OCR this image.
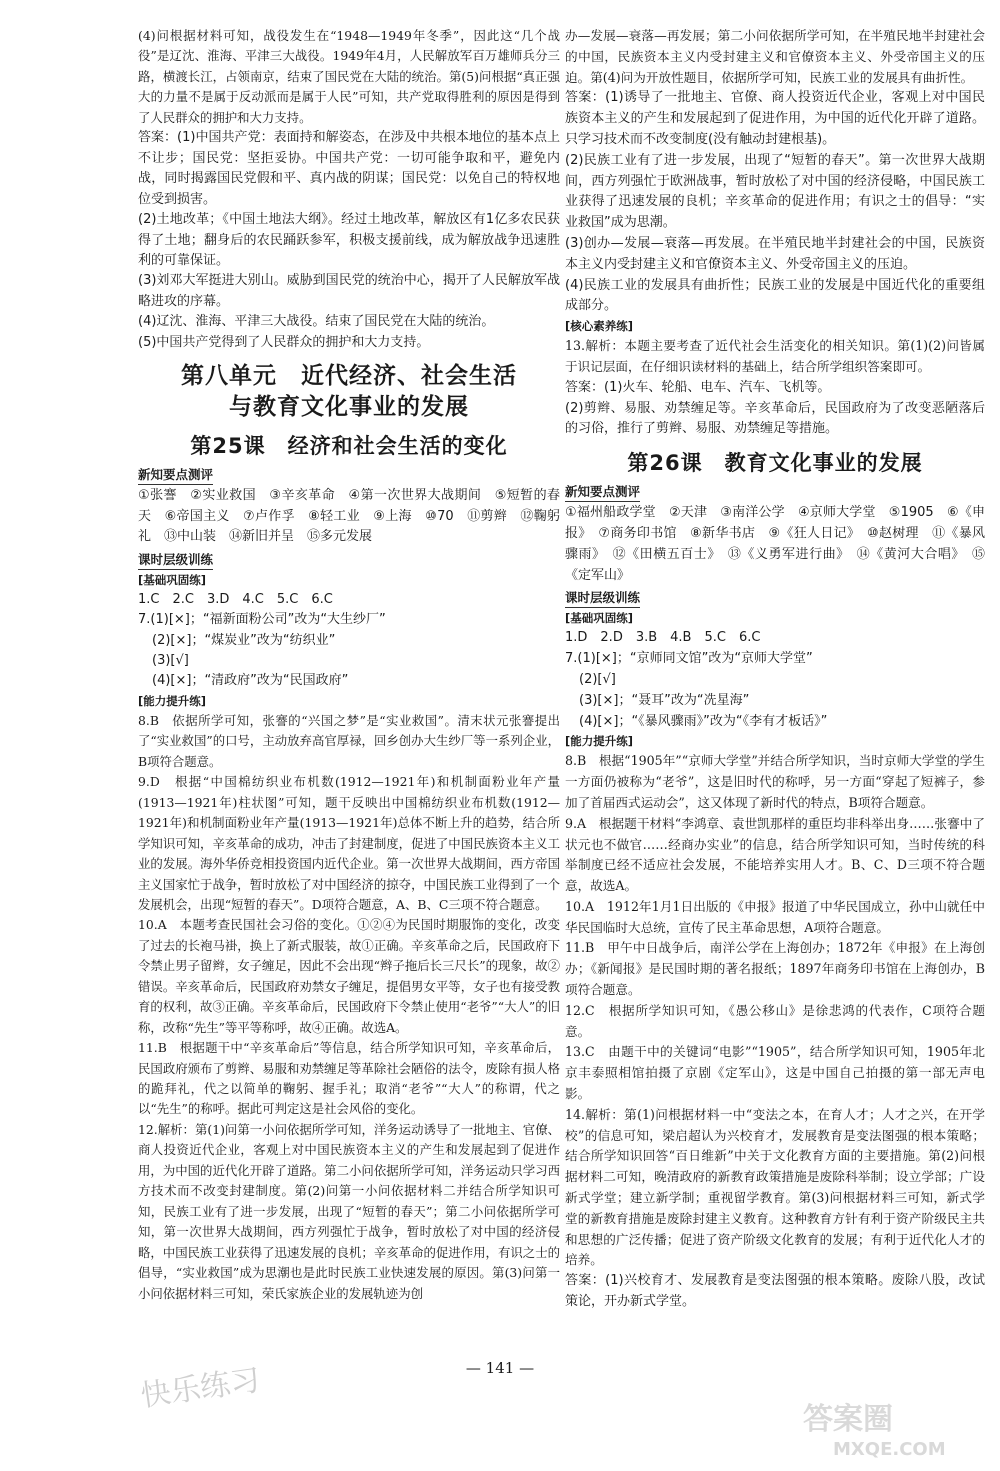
(4)问根据材料可知，战役发生在“1948—1949年冬季”，因此这“几个战役”是辽沈、淮海、平津三大战役。1949年4月，人民解放军百万雄师兵分三路，横渡长江，占领南京，结束了国民党在大陆的统治。第(5)问根据“真正强大的力量不是属于反动派而是属于人民”可知，共产党取得胜利的原因是得到了人民群众的拥护和大力支持。

答案：(1)中国共产党：表面持和解姿态，在涉及中共根本地位的基本点上不让步；国民党：坚拒妥协。中国共产党：一切可能争取和平，避免内战，同时揭露国民党假和平、真内战的阴谋；国民党：以免自己的特权地位受到损害。

(2)土地改革；《中国土地法大纲》。经过土地改革，解放区有1亿多农民获得了土地；翻身后的农民踊跃参军，积极支援前线，成为解放战争迅速胜利的可靠保证。

(3)刘邓大军挺进大别山。威胁到国民党的统治中心，揭开了人民解放军战略进攻的序幕。

(4)辽沈、淮海、平津三大战役。结束了国民党在大陆的统治。

(5)中国共产党得到了人民群众的拥护和大力支持。

第八单元　近代经济、社会生活
与教育文化事业的发展
第25课　经济和社会生活的变化
新知要点测评

①张謇　②实业救国　③辛亥革命　④第一次世界大战期间　⑤短暂的春天　⑥帝国主义　⑦卢作孚　⑧轻工业　⑨上海　⑩70　⑪剪辫　⑫鞠躬礼　⑬中山装　⑭新旧并呈　⑮多元发展

课时层级训练
[基础巩固练]

1.C　2.C　3.D　4.C　5.C　6.C

7.(1)[×]；“福新面粉公司”改为“大生纱厂”

(2)[×]；“煤炭业”改为“纺织业”

(3)[√]

(4)[×]；“清政府”改为“民国政府”

[能力提升练]

8.B　依据所学可知，张謇的“兴国之梦”是“实业救国”。清末状元张謇提出了“实业救国”的口号，主动放弃高官厚禄，回乡创办大生纱厂等一系列企业，B项符合题意。

9.D　根据“中国棉纺织业布机数(1912—1921年)和机制面粉业年产量(1913—1921年)柱状图”可知，题干反映出中国棉纺织业布机数(1912—1921年)和机制面粉业年产量(1913—1921年)总体不断上升的趋势，结合所学知识可知，辛亥革命的成功，冲击了封建制度，促进了中国民族资本主义工业的发展。海外华侨竞相投资国内近代企业。第一次世界大战期间，西方帝国主义国家忙于战争，暂时放松了对中国经济的掠夺，中国民族工业得到了一个发展机会，出现“短暂的春天”。D项符合题意，A、B、C三项不符合题意。

10.A　本题考查民国社会习俗的变化。①②④为民国时期服饰的变化，改变了过去的长袍马褂，换上了新式服装，故①正确。辛亥革命之后，民国政府下令禁止男子留辫，女子缠足，因此不会出现“辫子拖后长三尺长”的现象，故②错误。辛亥革命后，民国政府劝禁女子缠足，提倡男女平等，女子也有接受教育的权利，故③正确。辛亥革命后，民国政府下令禁止使用“老爷”“大人”的旧称，改称“先生”等平等称呼，故④正确。故选A。

11.B　根据题干中“辛亥革命后”等信息，结合所学知识可知，辛亥革命后，民国政府颁布了剪辫、易服和劝禁缠足等革除社会陋俗的法令，废除有损人格的跪拜礼，代之以简单的鞠躬、握手礼；取消“老爷”“大人”的称谓，代之以“先生”的称呼。据此可判定这是社会风俗的变化。

12.解析：第(1)问第一小问依据所学可知，洋务运动诱导了一批地主、官僚、商人投资近代企业，客观上对中国民族资本主义的产生和发展起到了促进作用，为中国的近代化开辟了道路。第二小问依据所学可知，洋务运动只学习西方技术而不改变封建制度。第(2)问第一小问依据材料二并结合所学知识可知，民族工业有了进一步发展，出现了“短暂的春天”；第二小问依据所学可知，第一次世界大战期间，西方列强忙于战争，暂时放松了对中国的经济侵略，中国民族工业获得了迅速发展的良机；辛亥革命的促进作用，有识之士的倡导，“实业救国”成为思潮也是此时民族工业快速发展的原因。第(3)问第一小问依据材料三可知，荣氏家族企业的发展轨迹为创

办—发展—衰落—再发展；第二小问依据所学可知，在半殖民地半封建社会的中国，民族资本主义内受封建主义和官僚资本主义、外受帝国主义的压迫。第(4)问为开放性题目，依据所学可知，民族工业的发展具有曲折性。

答案：(1)诱导了一批地主、官僚、商人投资近代企业，客观上对中国民族资本主义的产生和发展起到了促进作用，为中国的近代化开辟了道路。只学习技术而不改变制度(没有触动封建根基)。

(2)民族工业有了进一步发展，出现了“短暂的春天”。第一次世界大战期间，西方列强忙于欧洲战事，暂时放松了对中国的经济侵略，中国民族工业获得了迅速发展的良机；辛亥革命的促进作用；有识之士的倡导：“实业救国”成为思潮。

(3)创办—发展—衰落—再发展。在半殖民地半封建社会的中国，民族资本主义内受封建主义和官僚资本主义、外受帝国主义的压迫。

(4)民族工业的发展具有曲折性；民族工业的发展是中国近代化的重要组成部分。

[核心素养练]

13.解析：本题主要考查了近代社会生活变化的相关知识。第(1)(2)问皆属于识记层面，在仔细识读材料的基础上，结合所学组织答案即可。

答案：(1)火车、轮船、电车、汽车、飞机等。

(2)剪辫、易服、劝禁缠足等。辛亥革命后，民国政府为了改变恶陋落后的习俗，推行了剪辫、易服、劝禁缠足等措施。

第26课　教育文化事业的发展
新知要点测评

①福州船政学堂　②天津　③南洋公学　④京师大学堂　⑤1905　⑥《申报》　⑦商务印书馆　⑧新华书店　⑨《狂人日记》　⑩赵树理　⑪《暴风骤雨》　⑫《田横五百士》　⑬《义勇军进行曲》　⑭《黄河大合唱》　⑮《定军山》

课时层级训练
[基础巩固练]

1.D　2.D　3.B　4.B　5.C　6.C

7.(1)[×]；“京师同文馆”改为“京师大学堂”

(2)[√]

(3)[×]；“聂耳”改为“冼星海”

(4)[×]；“《暴风骤雨》”改为“《李有才板话》”

[能力提升练]

8.B　根据“1905年”“京师大学堂”并结合所学知识，当时京师大学堂的学生一方面仍被称为“老爷”，这是旧时代的称呼，另一方面“穿起了短裤子，参加了首届西式运动会”，这又体现了新时代的特点，B项符合题意。

9.A　根据题干材料“李鸿章、袁世凯那样的重臣均非科举出身……张謇中了状元也不做官……经商办实业”的信息，结合所学知识可知，当时传统的科举制度已经不适应社会发展，不能培养实用人才。B、C、D三项不符合题意，故选A。

10.A　1912年1月1日出版的《申报》报道了中华民国成立，孙中山就任中华民国临时大总统，宣传了民主革命思想，A项符合题意。

11.B　甲午中日战争后，南洋公学在上海创办；1872年《申报》在上海创办；《新闻报》是民国时期的著名报纸；1897年商务印书馆在上海创办，B项符合题意。

12.C　根据所学知识可知，《愚公移山》是徐悲鸿的代表作，C项符合题意。

13.C　由题干中的关键词“电影”“1905”，结合所学知识可知，1905年北京丰泰照相馆拍摄了京剧《定军山》，这是中国自己拍摄的第一部无声电影。

14.解析：第(1)问根据材料一中“变法之本，在育人才；人才之兴，在开学校”的信息可知，梁启超认为兴校育才，发展教育是变法图强的根本策略；结合所学知识回答“百日维新”中关于文化教育方面的主要措施。第(2)问根据材料二可知，晚清政府的新教育政策措施是废除科举制；设立学部；广设新式学堂；建立新学制；重视留学教育。第(3)问根据材料三可知，新式学堂的新教育措施是废除封建主义教育。这种教育方针有利于资产阶级民主共和思想的广泛传播；促进了资产阶级文化教育的发展；有利于近代化人才的培养。

答案：(1)兴校育才、发展教育是变法图强的根本策略。废除八股，改试策论，开办新式学堂。

— 141 —
快乐练习
答案圈
MXQE.COM
